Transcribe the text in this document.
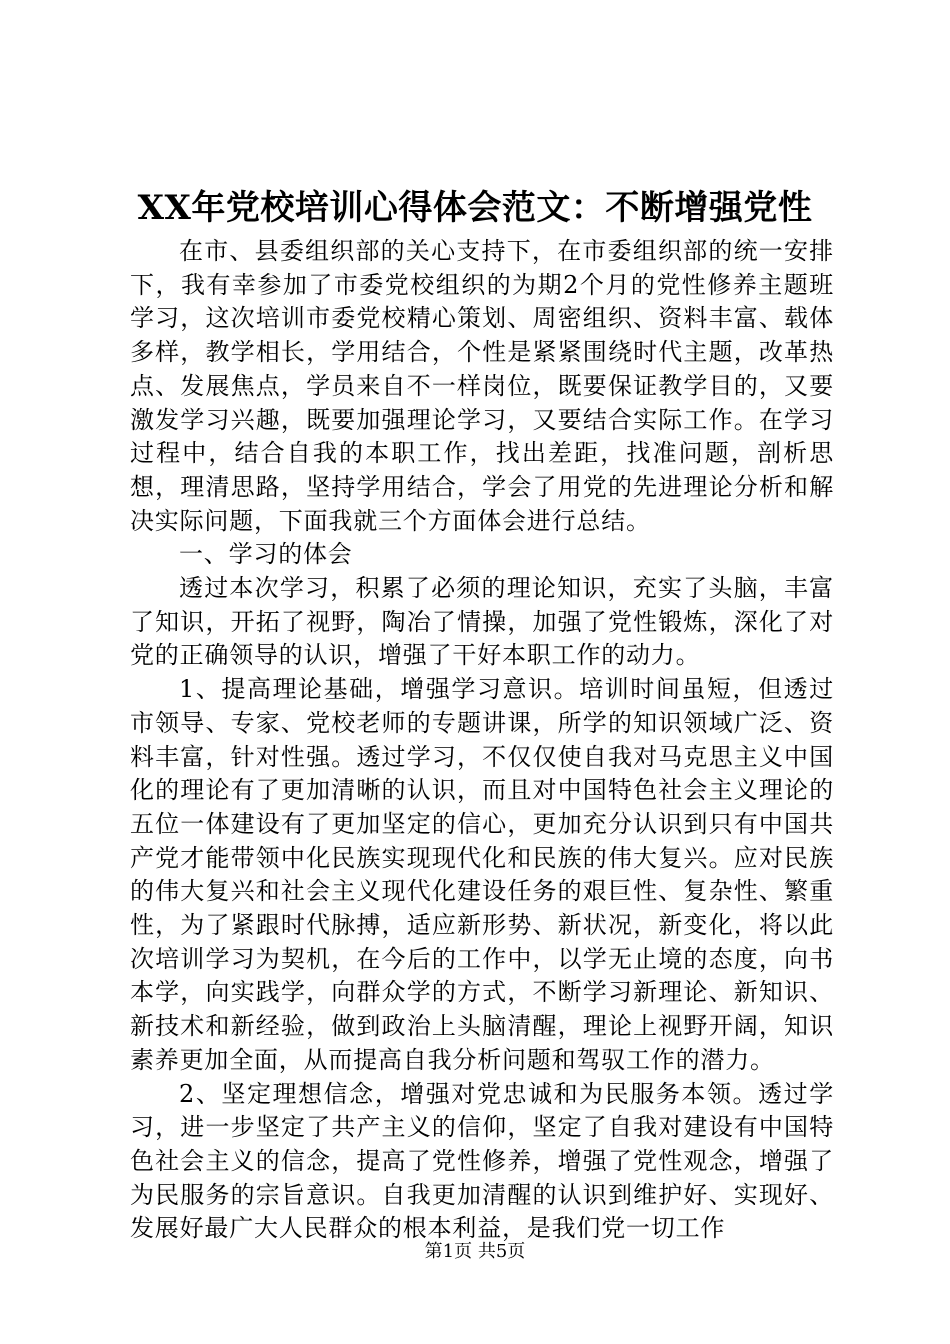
XX年党校培训心得体会范文：不断增强党性

在市、县委组织部的关心支持下，在市委组织部的统一安排下，我有幸参加了市委党校组织的为期2个月的党性修养主题班学习，这次培训市委党校精心策划、周密组织、资料丰富、载体多样，教学相长，学用结合，个性是紧紧围绕时代主题，改革热点、发展焦点，学员来自不一样岗位，既要保证教学目的，又要激发学习兴趣，既要加强理论学习，又要结合实际工作。在学习过程中，结合自我的本职工作，找出差距，找准问题，剖析思想，理清思路，坚持学用结合，学会了用党的先进理论分析和解决实际问题，下面我就三个方面体会进行总结。

一、学习的体会

透过本次学习，积累了必须的理论知识，充实了头脑，丰富了知识，开拓了视野，陶冶了情操，加强了党性锻炼，深化了对党的正确领导的认识，增强了干好本职工作的动力。

1、提高理论基础，增强学习意识。培训时间虽短，但透过市领导、专家、党校老师的专题讲课，所学的知识领域广泛、资料丰富，针对性强。透过学习，不仅仅使自我对马克思主义中国化的理论有了更加清晰的认识，而且对中国特色社会主义理论的五位一体建设有了更加坚定的信心，更加充分认识到只有中国共产党才能带领中化民族实现现代化和民族的伟大复兴。应对民族的伟大复兴和社会主义现代化建设任务的艰巨性、复杂性、繁重性，为了紧跟时代脉搏，适应新形势、新状况，新变化，将以此次培训学习为契机，在今后的工作中，以学无止境的态度，向书本学，向实践学，向群众学的方式，不断学习新理论、新知识、新技术和新经验，做到政治上头脑清醒，理论上视野开阔，知识素养更加全面，从而提高自我分析问题和驾驭工作的潜力。

2、坚定理想信念，增强对党忠诚和为民服务本领。透过学习，进一步坚定了共产主义的信仰，坚定了自我对建设有中国特色社会主义的信念，提高了党性修养，增强了党性观念，增强了为民服务的宗旨意识。自我更加清醒的认识到维护好、实现好、发展好最广大人民群众的根本利益，是我们党一切工作

第1页 共5页
